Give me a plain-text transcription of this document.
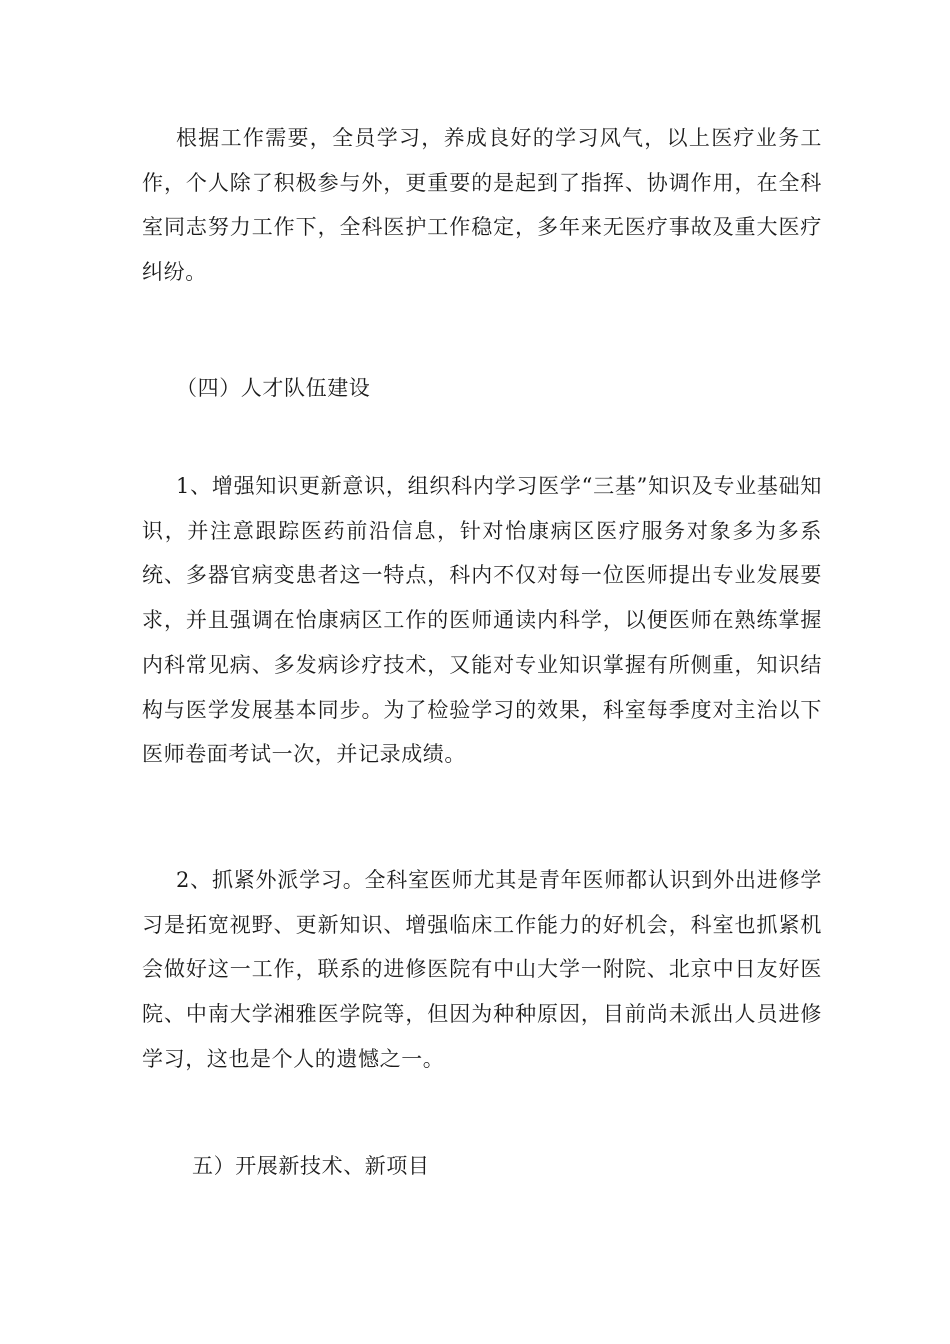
根据工作需要，全员学习，养成良好的学习风气，以上医疗业务工作，个人除了积极参与外，更重要的是起到了指挥、协调作用，在全科室同志努力工作下，全科医护工作稳定，多年来无医疗事故及重大医疗纠纷。

（四）人才队伍建设

1、增强知识更新意识，组织科内学习医学“三基”知识及专业基础知识，并注意跟踪医药前沿信息，针对怡康病区医疗服务对象多为多系统、多器官病变患者这一特点，科内不仅对每一位医师提出专业发展要求，并且强调在怡康病区工作的医师通读内科学，以便医师在熟练掌握内科常见病、多发病诊疗技术，又能对专业知识掌握有所侧重，知识结构与医学发展基本同步。为了检验学习的效果，科室每季度对主治以下医师卷面考试一次，并记录成绩。

2、抓紧外派学习。全科室医师尤其是青年医师都认识到外出进修学习是拓宽视野、更新知识、增强临床工作能力的好机会，科室也抓紧机会做好这一工作，联系的进修医院有中山大学一附院、北京中日友好医院、中南大学湘雅医学院等，但因为种种原因，目前尚未派出人员进修学习，这也是个人的遗憾之一。

五）开展新技术、新项目
